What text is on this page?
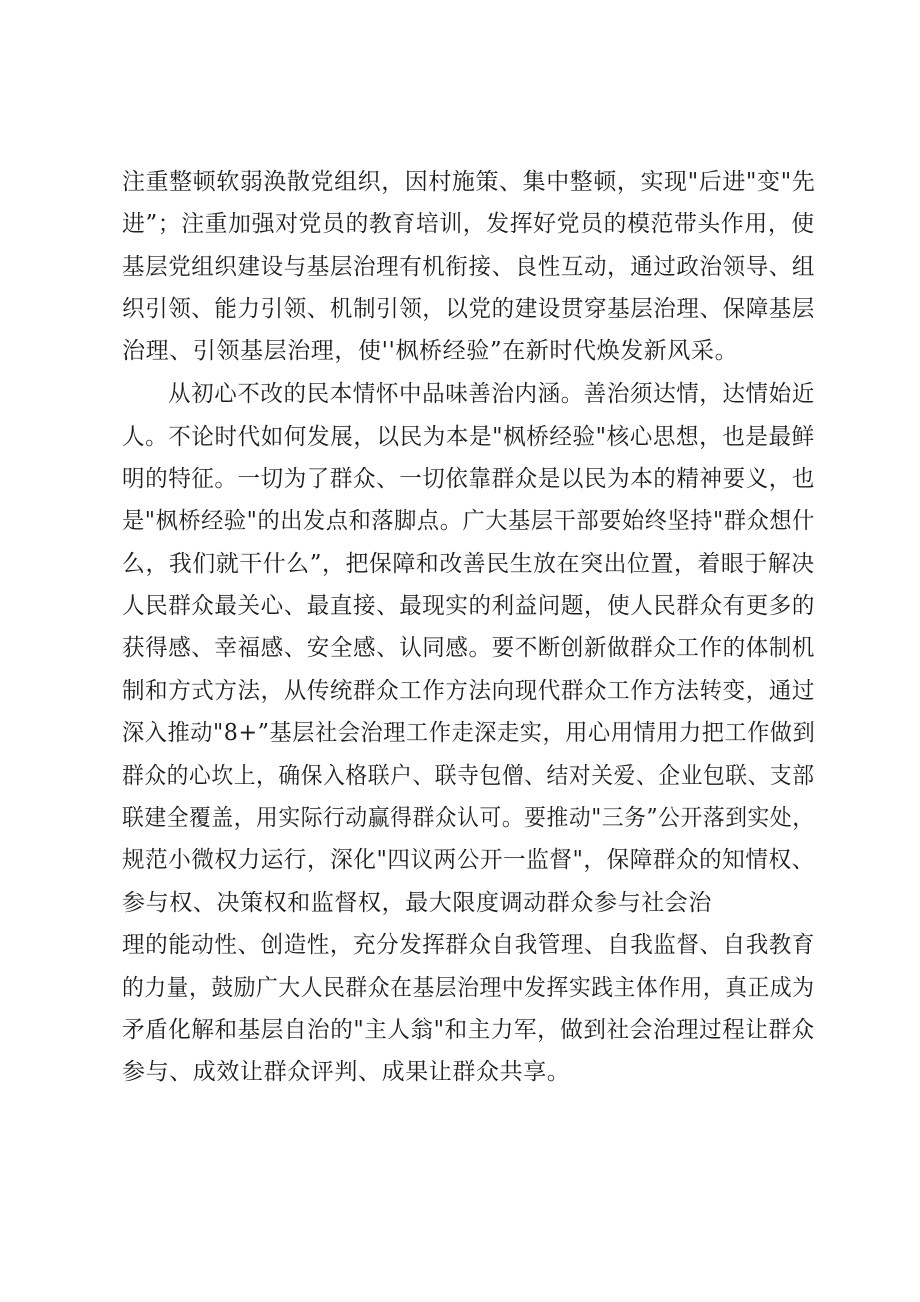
注重整顿软弱涣散党组织，因村施策、集中整顿，实现"后进"变"先
进”；注重加强对党员的教育培训，发挥好党员的模范带头作用，使
基层党组织建设与基层治理有机衔接、良性互动，通过政治领导、组
织引领、能力引领、机制引领，以党的建设贯穿基层治理、保障基层
治理、引领基层治理，使''枫桥经验”在新时代焕发新风采。
从初心不改的民本情怀中品味善治内涵。善治须达情，达情始近
人。不论时代如何发展，以民为本是"枫桥经验"核心思想，也是最鲜
明的特征。一切为了群众、一切依靠群众是以民为本的精神要义，也
是"枫桥经验"的出发点和落脚点。广大基层干部要始终坚持"群众想什
么，我们就干什么”，把保障和改善民生放在突出位置，着眼于解决
人民群众最关心、最直接、最现实的利益问题，使人民群众有更多的
获得感、幸福感、安全感、认同感。要不断创新做群众工作的体制机
制和方式方法，从传统群众工作方法向现代群众工作方法转变，通过
深入推动"8+”基层社会治理工作走深走实，用心用情用力把工作做到
群众的心坎上，确保入格联户、联寺包僧、结对关爱、企业包联、支部
联建全覆盖，用实际行动赢得群众认可。要推动"三务”公开落到实处，
规范小微权力运行，深化"四议两公开一监督"，保障群众的知情权、
参与权、决策权和监督权，最大限度调动群众参与社会治
理的能动性、创造性，充分发挥群众自我管理、自我监督、自我教育
的力量，鼓励广大人民群众在基层治理中发挥实践主体作用，真正成为
矛盾化解和基层自治的"主人翁"和主力军，做到社会治理过程让群众
参与、成效让群众评判、成果让群众共享。
